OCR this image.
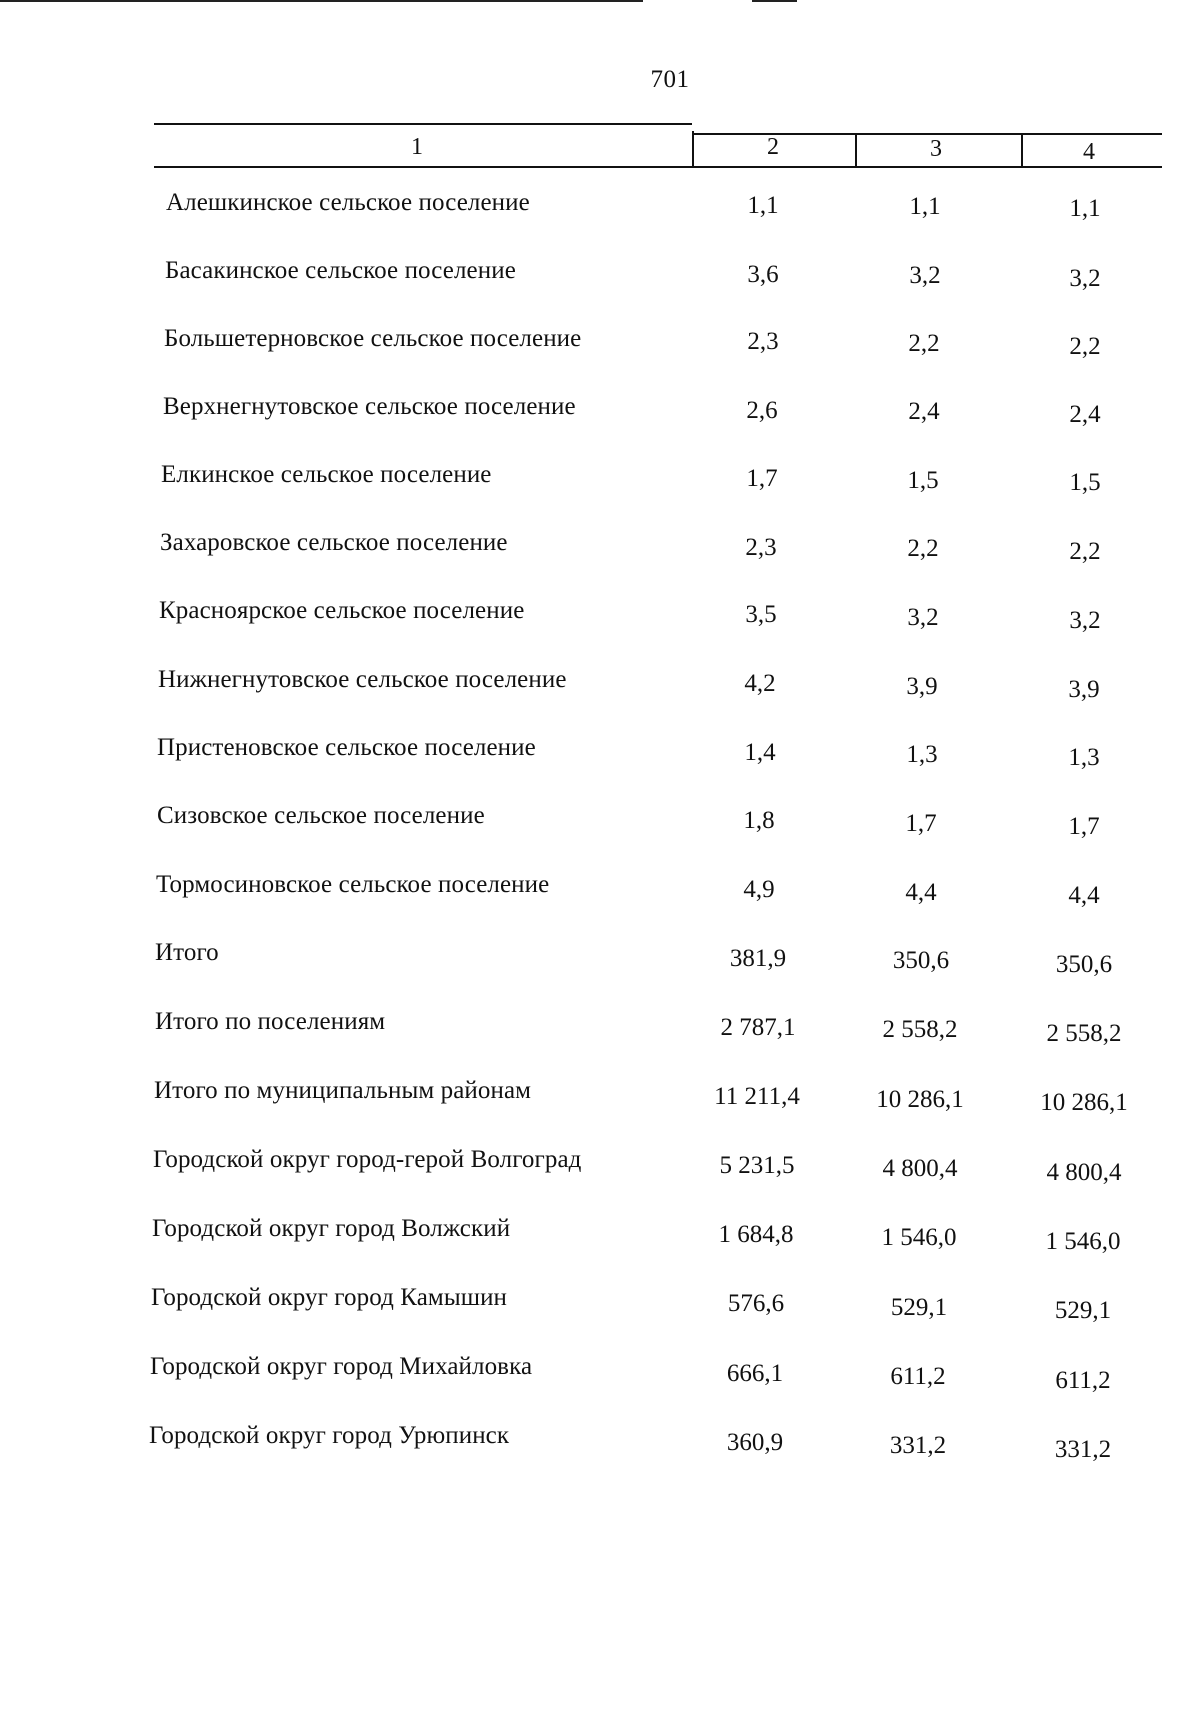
701
1	2	3	4
Алешкинское сельское поселение	1,1	1,1	1,1
Басакинское сельское поселение	3,6	3,2	3,2
Большетерновское сельское поселение	2,3	2,2	2,2
Верхнегнутовское сельское поселение	2,6	2,4	2,4
Елкинское сельское поселение	1,7	1,5	1,5
Захаровское сельское поселение	2,3	2,2	2,2
Краснoярское сельское поселение	3,5	3,2	3,2
Нижнегнутовское сельское поселение	4,2	3,9	3,9
Пристеновское сельское поселение	1,4	1,3	1,3
Сизовское сельское поселение	1,8	1,7	1,7
Тормосиновское сельское поселение	4,9	4,4	4,4
Итого	381,9	350,6	350,6
Итого по поселениям	2 787,1	2 558,2	2 558,2
Итого по муниципальным районам	11 211,4	10 286,1	10 286,1
Городской округ город-герой Волгоград	5 231,5	4 800,4	4 800,4
Городской округ город Волжский	1 684,8	1 546,0	1 546,0
Городской округ город Камышин	576,6	529,1	529,1
Городской округ город Михайловка	666,1	611,2	611,2
Городской округ город Урюпинск	360,9	331,2	331,2
